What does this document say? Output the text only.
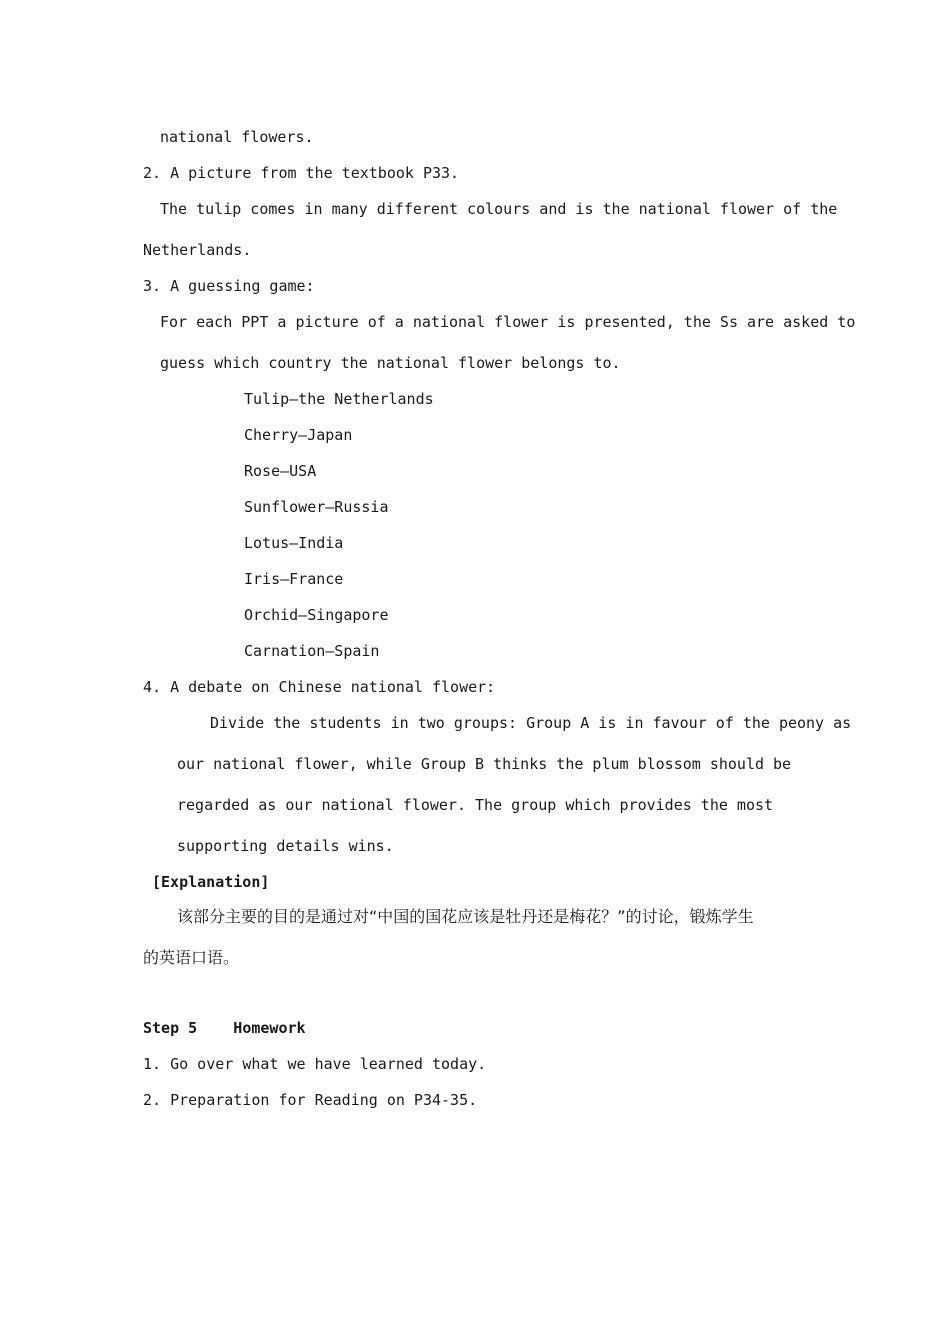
national flowers.
2. A picture from the textbook P33.
The tulip comes in many different colours and is the national flower of the
Netherlands.
3. A guessing game:
For each PPT a picture of a national flower is presented, the Ss are asked to
guess which country the national flower belongs to.
Tulip—the Netherlands
Cherry—Japan
Rose—USA
Sunflower—Russia
Lotus—India
Iris—France
Orchid—Singapore
Carnation—Spain
4. A debate on Chinese national flower:
Divide the students in two groups: Group A is in favour of the peony as
our national flower, while Group B thinks the plum blossom should be
regarded as our national flower. The group which provides the most
supporting details wins.
[Explanation]
该部分主要的目的是通过对“中国的国花应该是牡丹还是梅花？”的讨论，锻炼学生
的英语口语。
Step 5    Homework
1. Go over what we have learned today.
2. Preparation for Reading on P34-35.
